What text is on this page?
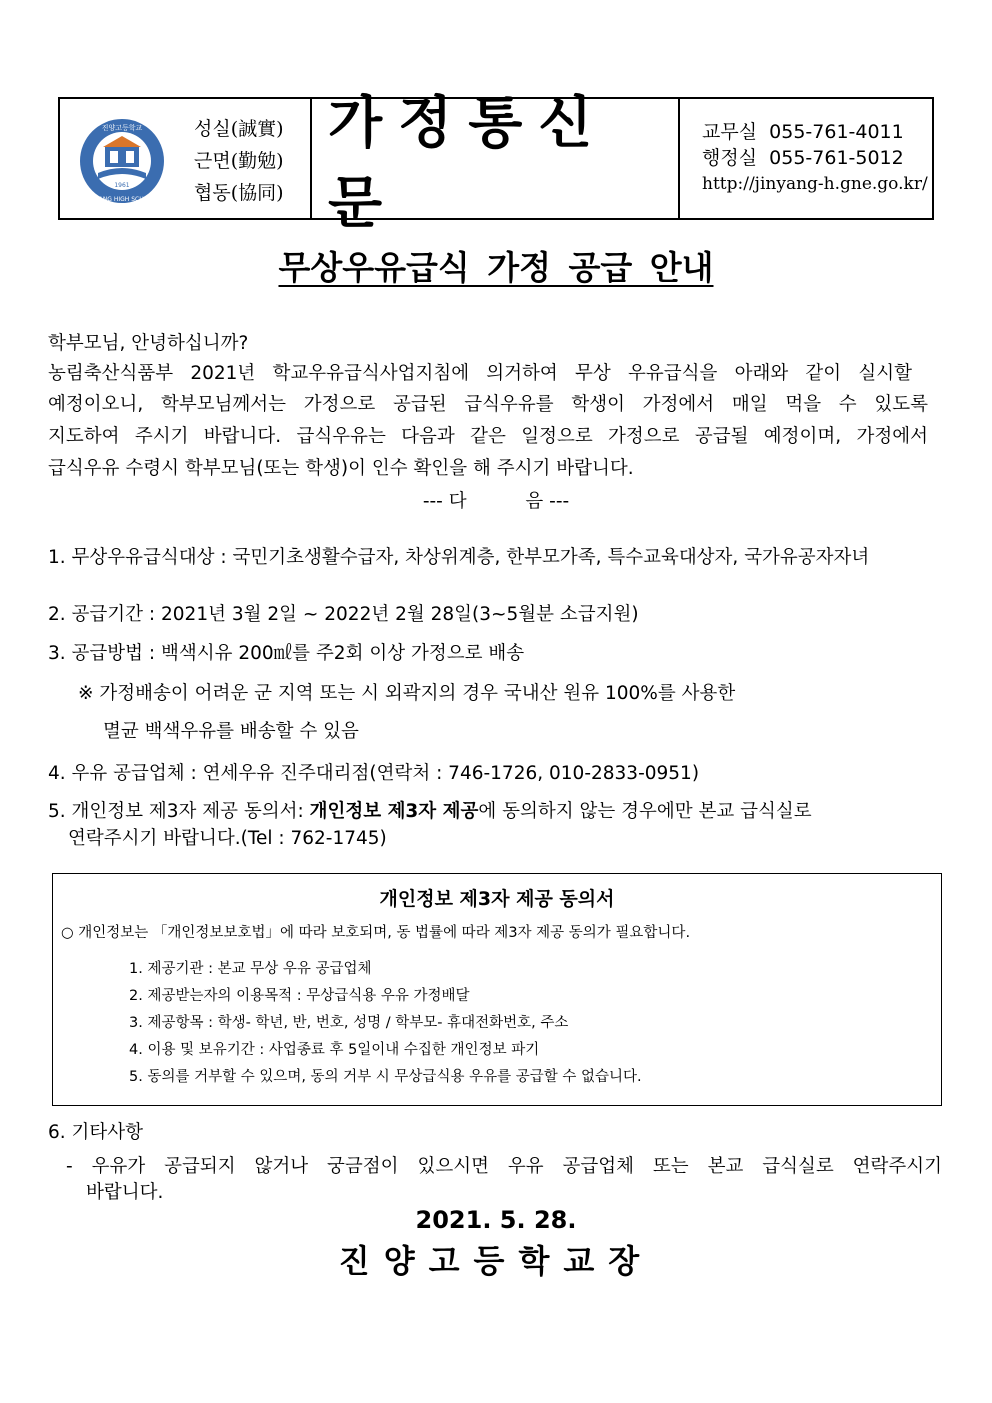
진양고등학교
JINYANG HIGH SCHOOL
1961
성실(誠實)
근면(勤勉)
협동(協同)
가정통신문
교무실  055-761-4011
행정실  055-761-5012
http://jinyang-h.gne.go.kr/
무상우유급식 가정 공급 안내
학부모님, 안녕하십니까?
농림축산식품부 2021년 학교우유급식사업지침에 의거하여 무상 우유급식을 아래와 같이 실시할
예정이오니, 학부모님께서는 가정으로 공급된 급식우유를 학생이 가정에서 매일 먹을 수 있도록
지도하여 주시기 바랍니다. 급식우유는 다음과 같은 일정으로 가정으로 공급될 예정이며, 가정에서
급식우유 수령시 학부모님(또는 학생)이 인수 확인을 해 주시기 바랍니다.
--- 다          음 ---
1. 무상우유급식대상 : 국민기초생활수급자, 차상위계층, 한부모가족, 특수교육대상자, 국가유공자자녀
2. 공급기간 : 2021년 3월 2일 ~ 2022년 2월 28일(3~5월분 소급지원)
3. 공급방법 : 백색시유 200㎖를 주2회 이상 가정으로 배송
※ 가정배송이 어려운 군 지역 또는 시 외곽지의 경우 국내산 원유 100%를 사용한
멸균 백색우유를 배송할 수 있음
4. 우유 공급업체 : 연세우유 진주대리점(연락처 : 746-1726, 010-2833-0951)
5. 개인정보 제3자 제공 동의서: 개인정보 제3자 제공에 동의하지 않는 경우에만 본교 급식실로
연락주시기 바랍니다.(Tel : 762-1745)
개인정보 제3자 제공 동의서
○ 개인정보는 「개인정보보호법」에 따라 보호되며, 동 법률에 따라 제3자 제공 동의가 필요합니다.
1. 제공기관 : 본교 무상 우유 공급업체
2. 제공받는자의 이용목적 : 무상급식용 우유 가정배달
3. 제공항목 : 학생- 학년, 반, 번호, 성명 / 학부모- 휴대전화번호, 주소
4. 이용 및 보유기간 : 사업종료 후 5일이내 수집한 개인정보 파기
5. 동의를 거부할 수 있으며, 동의 거부 시 무상급식용 우유를 공급할 수 없습니다.
6. 기타사항
- 우유가 공급되지 않거나 궁금점이 있으시면 우유 공급업체 또는 본교 급식실로 연락주시기
바랍니다.
2021. 5. 28.
진양고등학교장
